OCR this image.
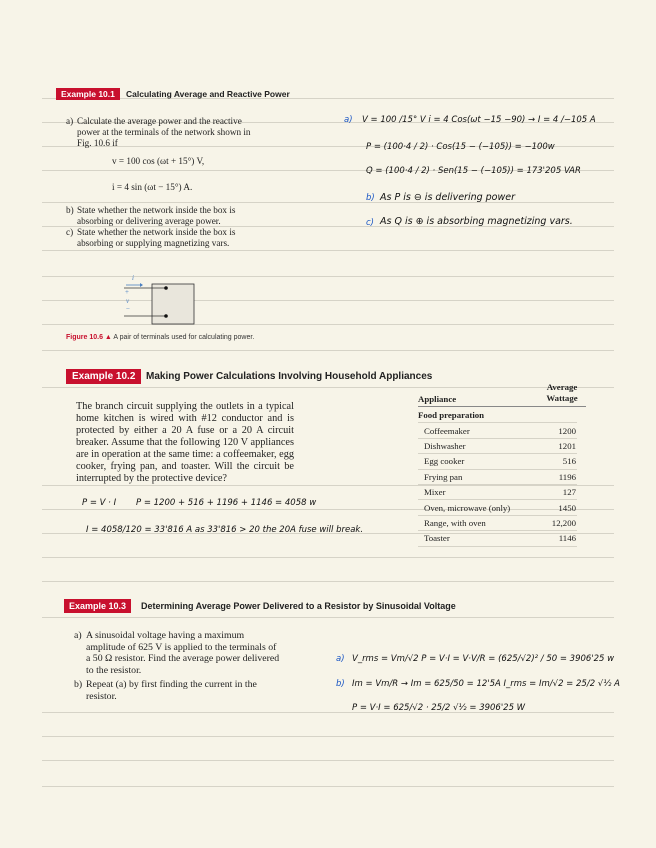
Example 10.1	Calculating Average and Reactive Power
a) Calculate the average power and the reactive power at the terminals of the network shown in Fig. 10.6 if
v = 100 cos (ωt + 15°) V,
i = 4 sin (ωt − 15°) A.
b) State whether the network inside the box is absorbing or delivering average power.
c) State whether the network inside the box is absorbing or supplying magnetizing vars.
i
+
v
−
Figure 10.6 ▲ A pair of terminals used for calculating power.
a) V = 100 /15° V i = 4 Cos(ωt −15 −90) → I = 4 /−105 A
P = (100·4 / 2) · Cos(15 − (−105)) = −100w
Q = (100·4 / 2) · Sen(15 − (−105)) = 173'205 VAR
b) As P is ⊖ is delivering power
c) As Q is ⊕ is absorbing magnetizing vars.
Example 10.2	Making Power Calculations Involving Household Appliances
The branch circuit supplying the outlets in a typical home kitchen is wired with #12 conductor and is protected by either a 20 A fuse or a 20 A circuit breaker. Assume that the following 120 V appliances are in operation at the same time: a coffeemaker, egg cooker, frying pan, and toaster. Will the circuit be interrupted by the protective device?
Appliance
Average Wattage
Food preparation	
Coffeemaker	1200
Dishwasher	1201
Egg cooker	516
Frying pan	1196
Mixer	127
Oven, microwave (only)	1450
Range, with oven	12,200
Toaster	1146
P = V · I P = 1200 + 516 + 1196 + 1146 = 4058 w
I = 4058/120 = 33'816 A as 33'816 > 20 the 20A fuse will break.
Example 10.3	Determining Average Power Delivered to a Resistor by Sinusoidal Voltage
a) A sinusoidal voltage having a maximum amplitude of 625 V is applied to the terminals of a 50 Ω resistor. Find the average power delivered to the resistor.
b) Repeat (a) by first finding the current in the resistor.
a) V_rms = Vm/√2 P = V·I = V·V/R = (625/√2)² / 50 = 3906'25 w
b) Im = Vm/R → Im = 625/50 = 12'5A I_rms = Im/√2 = 25/2 √½ A
P = V·I = 625/√2 · 25/2 √½ = 3906'25 W
